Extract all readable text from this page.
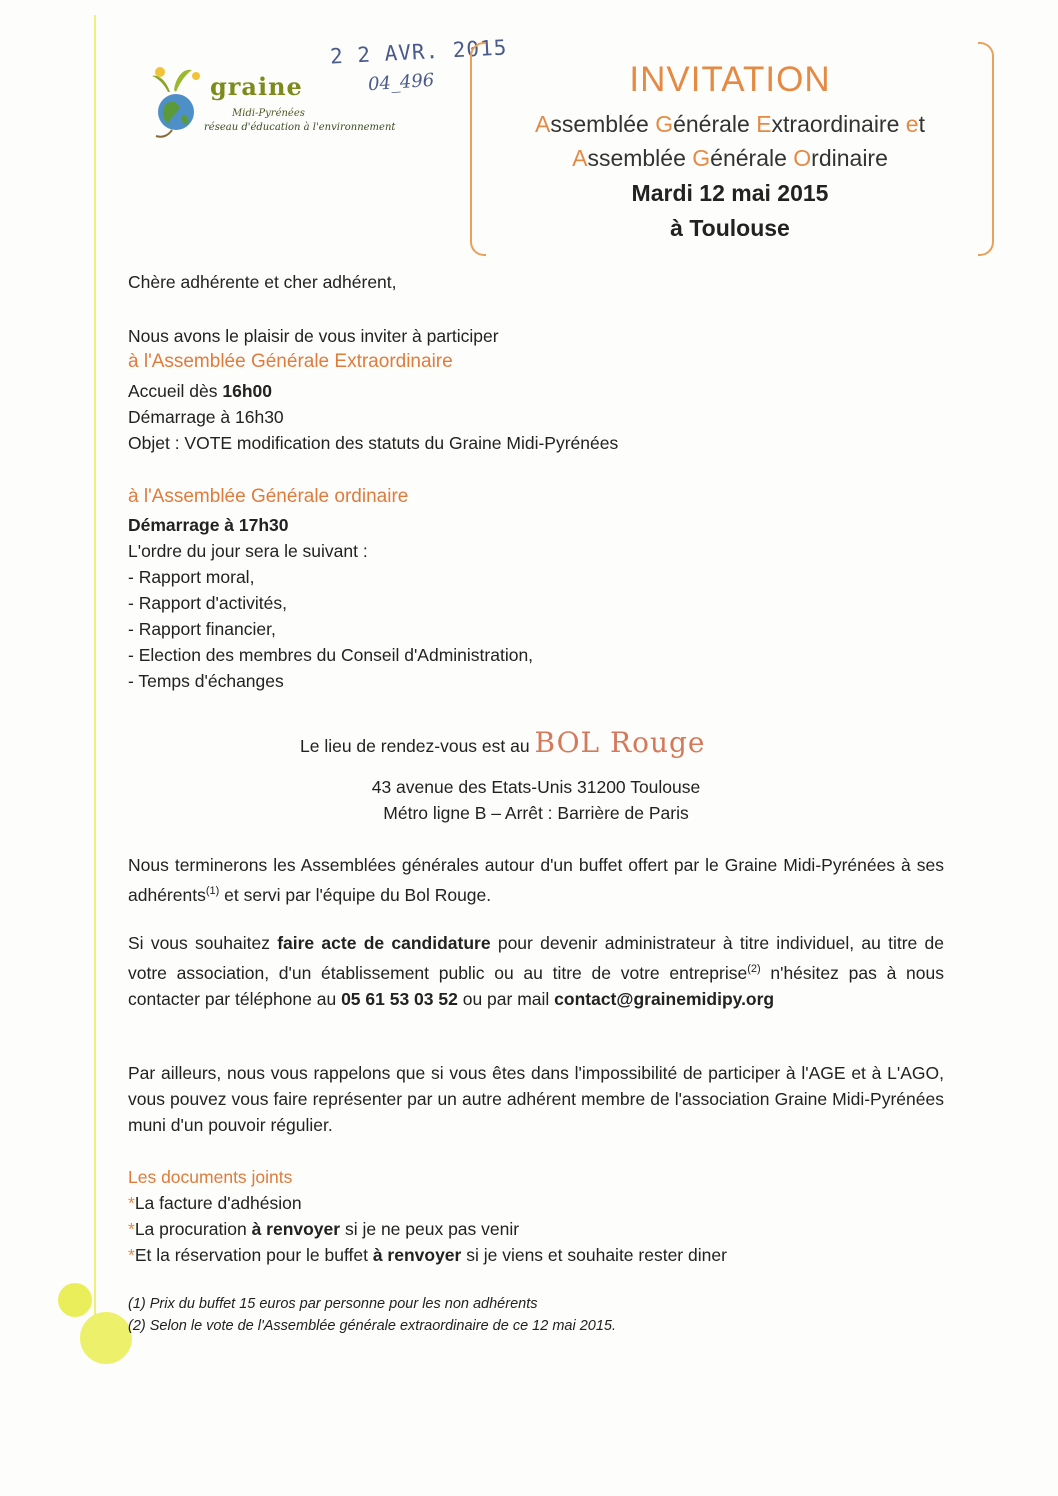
graine
Midi-Pyrénées
réseau d'éducation à l'environnement
2 2 AVR. 2015
04_496	INVITATION
Assemblée Générale Extraordinaire et
Assemblée Générale Ordinaire
Mardi 12 mai 2015
à Toulouse
Chère adhérente et cher adhérent,
Nous avons le plaisir de vous inviter à participer
à l'Assemblée Générale Extraordinaire
Accueil dès 16h00
Démarrage à 16h30
Objet : VOTE modification des statuts du Graine Midi-Pyrénées
à l'Assemblée Générale ordinaire
Démarrage à 17h30
L'ordre du jour sera le suivant :
- Rapport moral,
- Rapport d'activités,
- Rapport financier,
- Election des membres du Conseil d'Administration,
- Temps d'échanges
Le lieu de rendez-vous est au BOL Rouge
43 avenue des Etats-Unis 31200 Toulouse
Métro ligne B – Arrêt : Barrière de Paris
Nous terminerons les Assemblées générales autour d'un buffet offert par le Graine Midi-Pyrénées à ses adhérents$^{(1)}$ et servi par l'équipe du Bol Rouge.
Si vous souhaitez faire acte de candidature pour devenir administrateur à titre individuel, au titre de votre association, d'un établissement public ou au titre de votre entreprise$^{(2)}$ n'hésitez pas à nous contacter par téléphone au 05 61 53 03 52 ou par mail contact@grainemidipy.org
Par ailleurs, nous vous rappelons que si vous êtes dans l'impossibilité de participer à l'AGE et à L'AGO, vous pouvez vous faire représenter par un autre adhérent membre de l'association Graine Midi-Pyrénées muni d'un pouvoir régulier.
Les documents joints
*La facture d'adhésion
*La procuration à renvoyer si je ne peux pas venir
*Et la réservation pour le buffet à renvoyer si je viens et souhaite rester diner
(1) Prix du buffet 15 euros par personne pour les non adhérents
(2) Selon le vote de l'Assemblée générale extraordinaire de ce 12 mai 2015.
